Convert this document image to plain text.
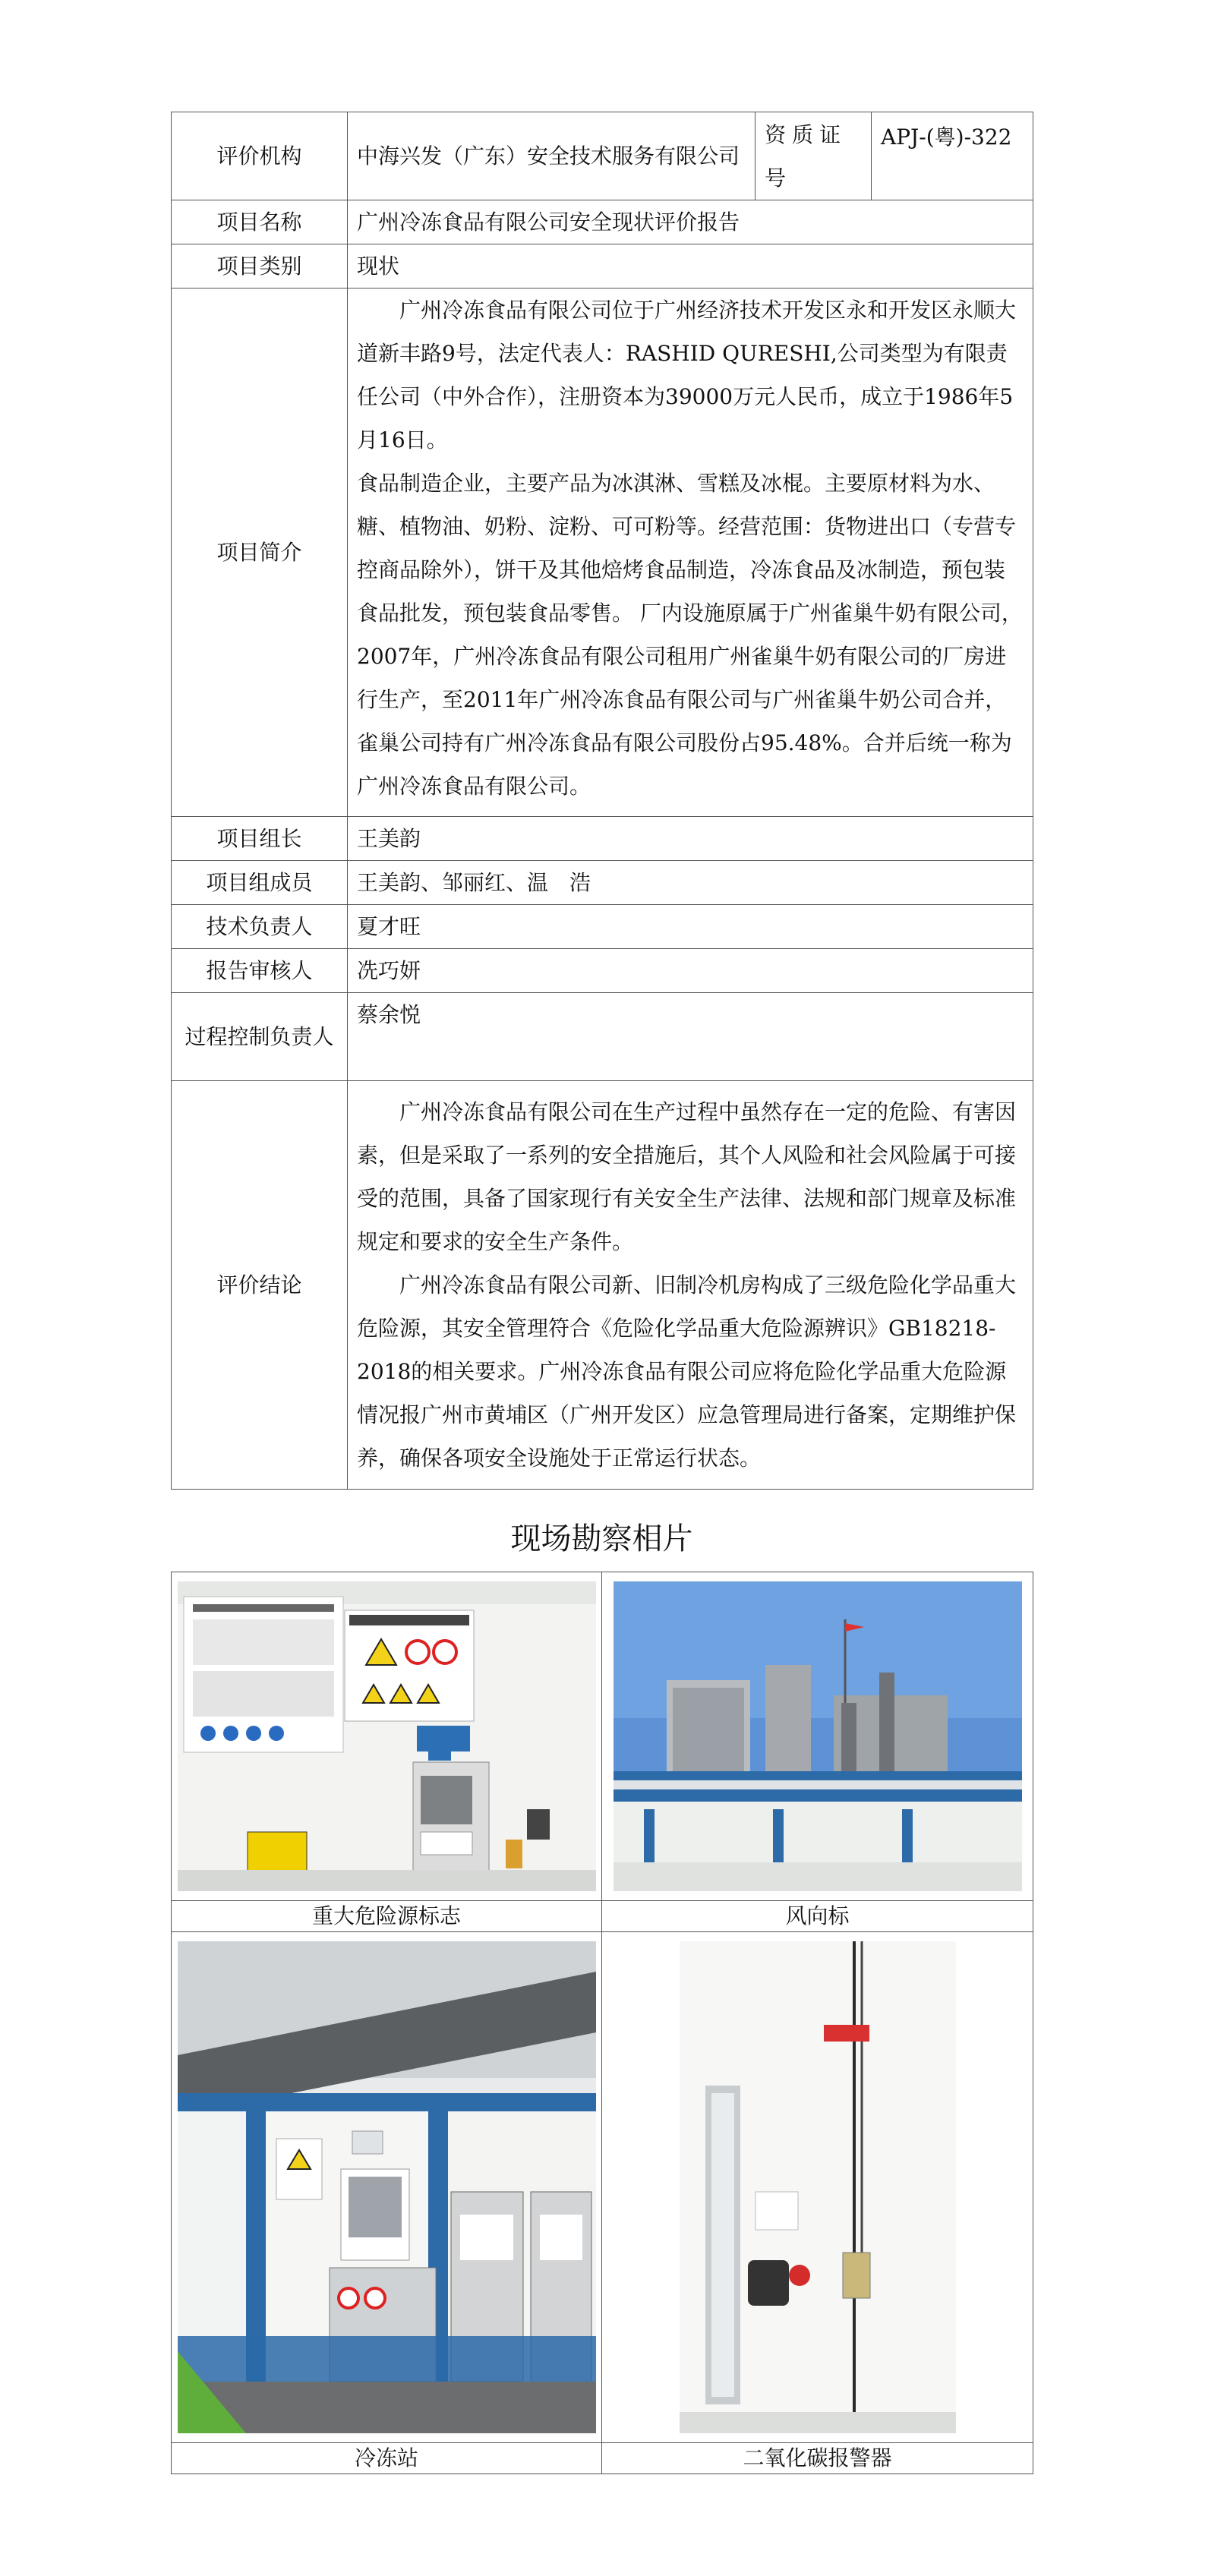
评价机构	中海兴发（广东）安全技术服务有限公司	资质证号	APJ-(粤)-322
项目名称	广州冷冻食品有限公司安全现状评价报告		
项目类别	现状		
项目简介	广州冷冻食品有限公司位于广州经济技术开发区永和开发区永顺大道新丰路9号，法定代表人：RASHID QURESHI,公司类型为有限责任公司（中外合作），注册资本为39000万元人民币，成立于1986年5月16日。

食品制造企业，主要产品为冰淇淋、雪糕及冰棍。主要原材料为水、糖、植物油、奶粉、淀粉、可可粉等。经营范围：货物进出口（专营专控商品除外），饼干及其他焙烤食品制造，冷冻食品及冰制造，预包装食品批发，预包装食品零售。 厂内设施原属于广州雀巢牛奶有限公司，2007年，广州冷冻食品有限公司租用广州雀巢牛奶有限公司的厂房进行生产，至2011年广州冷冻食品有限公司与广州雀巢牛奶公司合并，雀巢公司持有广州冷冻食品有限公司股份占95.48%。合并后统一称为广州冷冻食品有限公司。		

项目组长	王美韵		
项目组成员	王美韵、邹丽红、温　浩		
技术负责人	夏才旺		
报告审核人	冼巧妍		
过程控制负责人	蔡余悦		
评价结论	广州冷冻食品有限公司在生产过程中虽然存在一定的危险、有害因素，但是采取了一系列的安全措施后，其个人风险和社会风险属于可接受的范围，具备了国家现行有关安全生产法律、法规和部门规章及标准规定和要求的安全生产条件。

广州冷冻食品有限公司新、旧制冷机房构成了三级危险化学品重大危险源，其安全管理符合《危险化学品重大危险源辨识》GB18218-2018的相关要求。广州冷冻食品有限公司应将危险化学品重大危险源情况报广州市黄埔区（广州开发区）应急管理局进行备案，定期维护保养，确保各项安全设施处于正常运行状态。		

现场勘察相片

重大危险源标志	风向标

冷冻站	二氧化碳报警器
